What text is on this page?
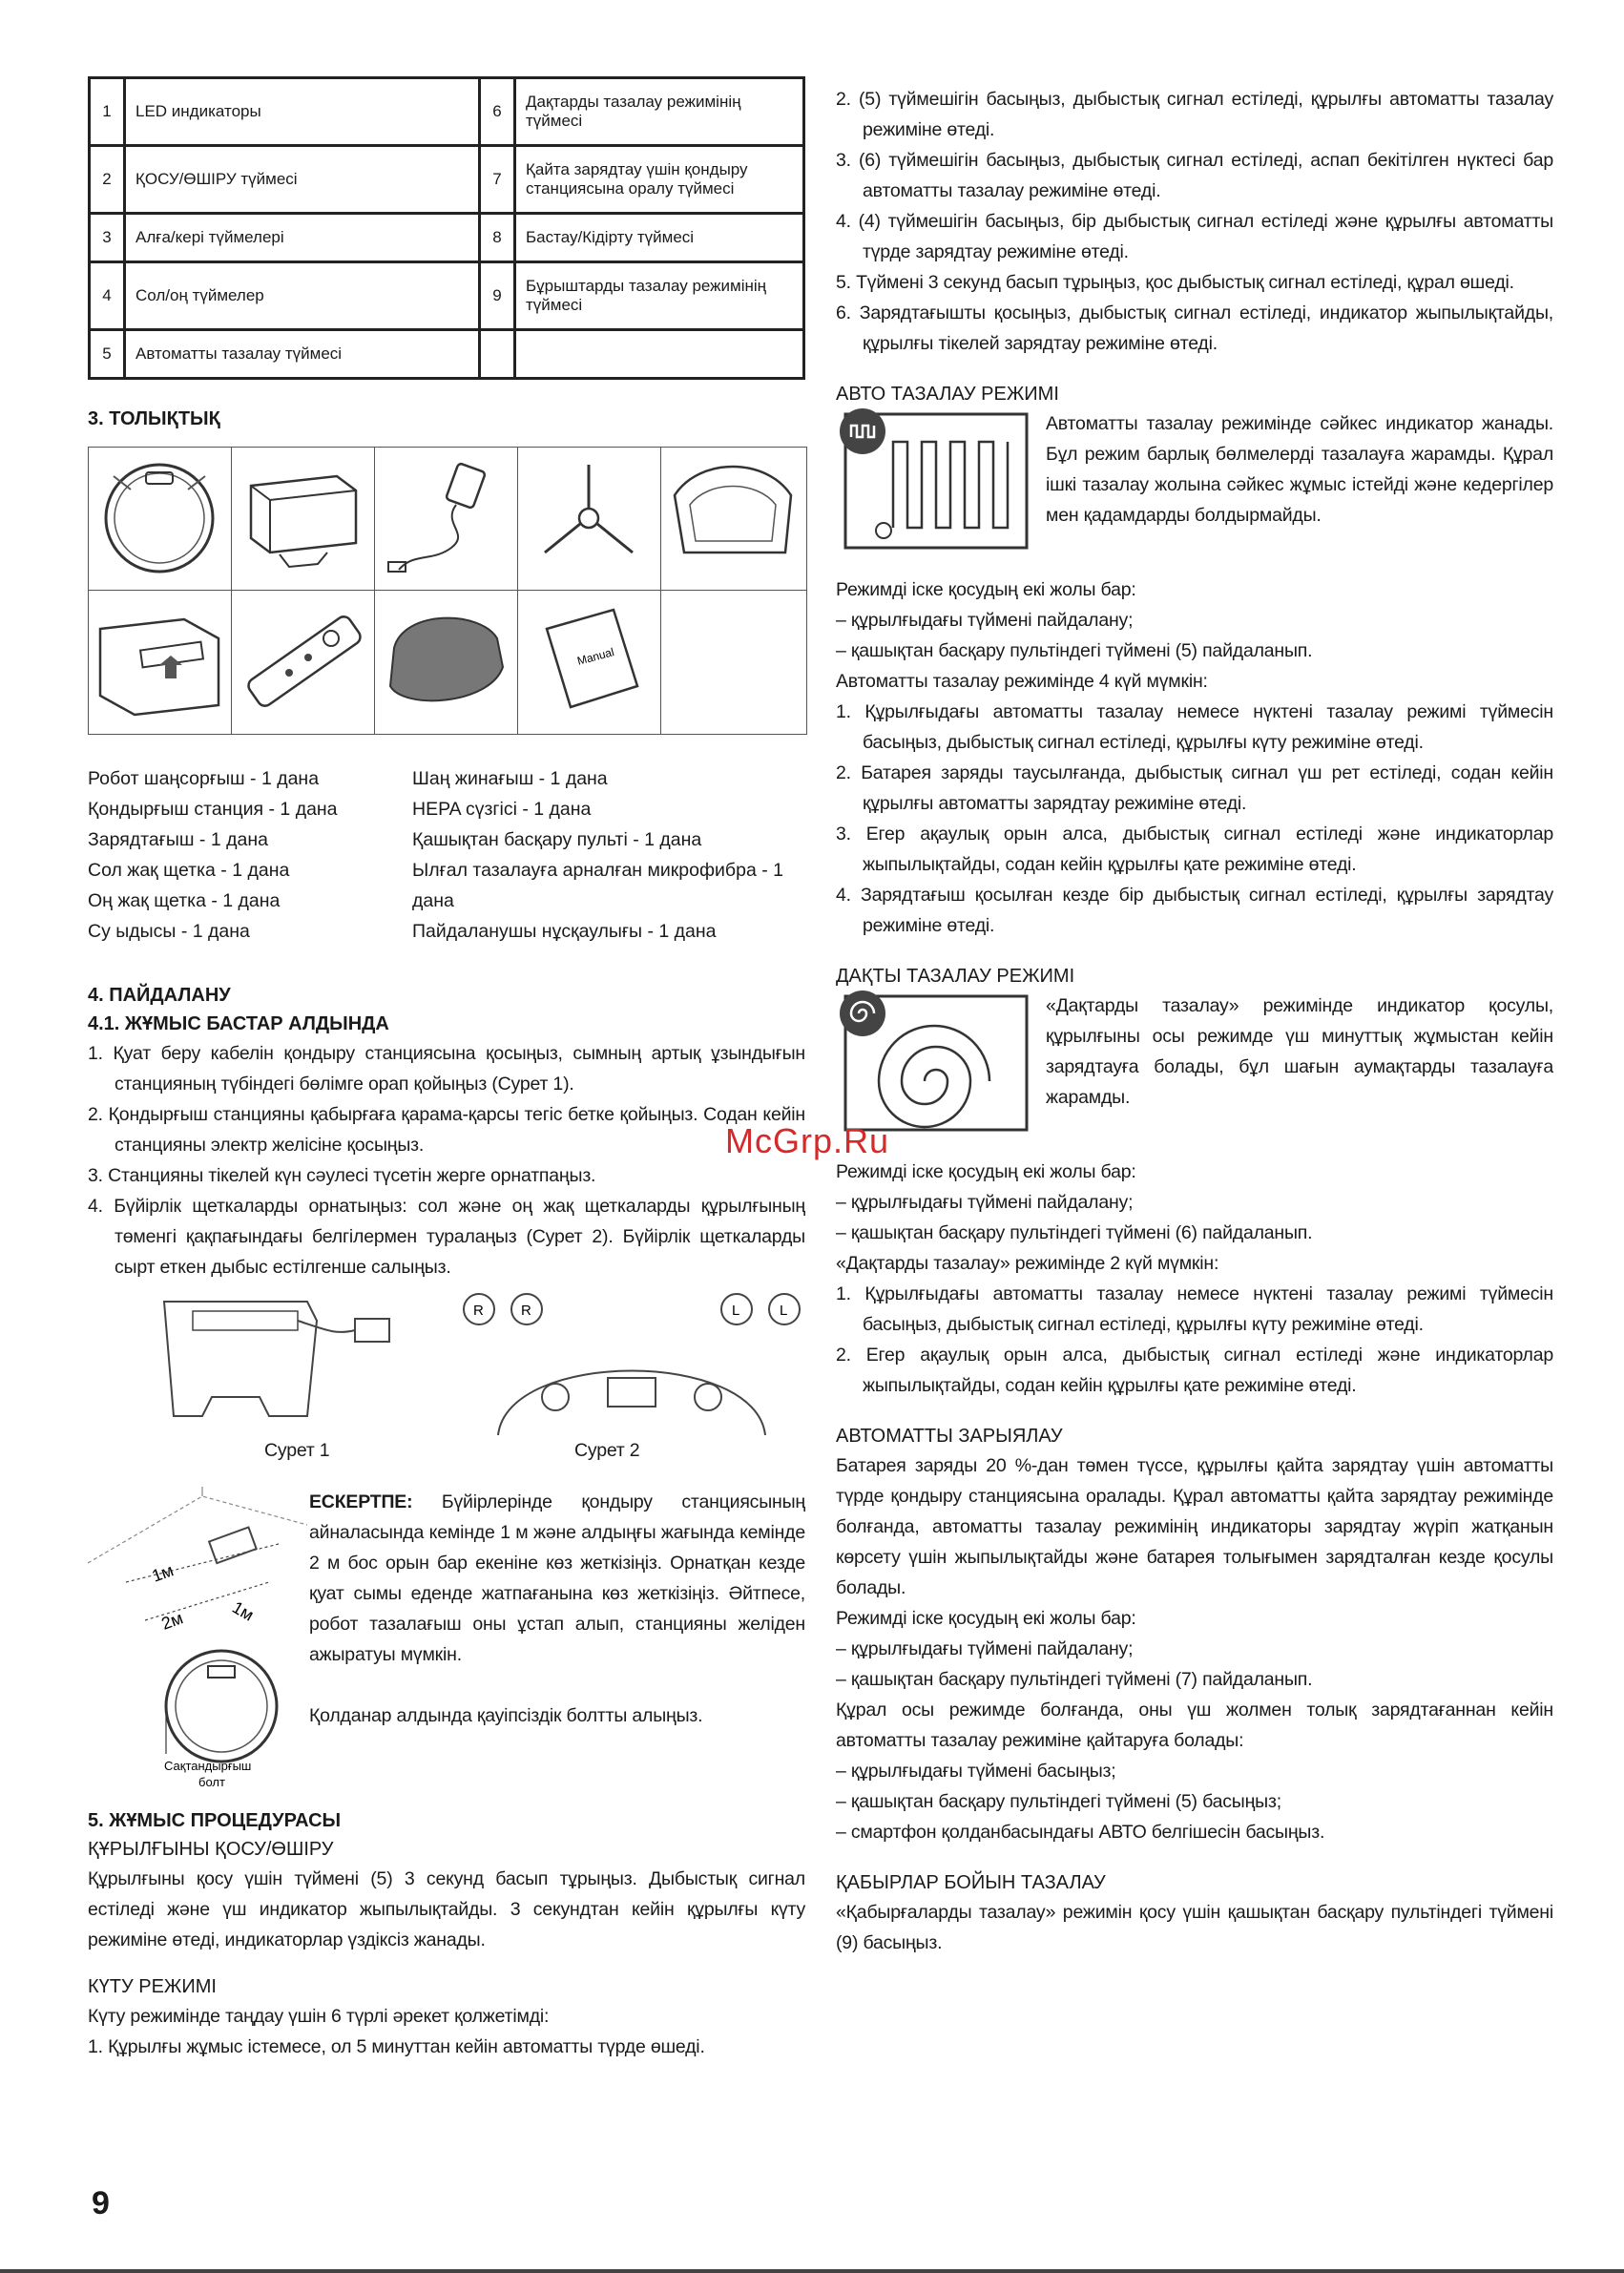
1	LED индикаторы	6	Дақтарды тазалау режимінің түймесі
2	ҚОСУ/ӨШІРУ түймесі	7	Қайта зарядтау үшін қондыру станциясына оралу түймесі
3	Алға/кері түймелері	8	Бастау/Кідірту түймесі
4	Сол/оң түймелер	9	Бұрыштарды тазалау режимінің түймесі
5	Автоматты тазалау түймесі		
3. ТОЛЫҚТЫҚ
Manual
Робот шаңсорғыш - 1 дана
Қондырғыш станция - 1 дана
Зарядтағыш - 1 дана
Сол жақ щетка - 1 дана
Оң жақ щетка - 1 дана
Су ыдысы - 1 дана
Шаң жинағыш - 1 дана
HEPA сүзгісі - 1 дана
Қашықтан басқару пульті - 1 дана
Ылғал тазалауға арналған микрофибра - 1 дана
Пайдаланушы нұсқаулығы - 1 дана
4. ПАЙДАЛАНУ
4.1. ЖҰМЫС БАСТАР АЛДЫНДА

1. Қуат беру кабелін қондыру станциясына қосыңыз, сымның артық ұзындығын станцияның түбіндегі бөлімге орап қойыңыз (Сурет 1).

2. Қондырғыш станцияны қабырғаға қарама-қарсы тегіс бетке қойыңыз. Содан кейін станцияны электр желісіне қосыңыз.

3. Станцияны тікелей күн сәулесі түсетін жерге орнатпаңыз.

4. Бүйірлік щеткаларды орнатыңыз: сол және оң жақ щеткаларды құрылғының төменгі қақпағындағы белгілермен туралаңыз (Сурет 2). Бүйірлік щеткаларды сырт еткен дыбыс естілгенше салыңыз.

R	R	L	L
Сурет 1	Сурет 2
1м
1м
2м
Сақтандырғыш
болт

ЕСКЕРТПЕ: Бүйірлерінде қондыру станциясының айналасында кемінде 1 м және алдыңғы жағында кемінде 2 м бос орын бар екеніне көз жеткізіңіз. Орнатқан кезде қуат сымы еденде жатпағанына көз жеткізіңіз. Әйтпесе, робот тазалағыш оны ұстап алып, станцияны желіден ажыратуы мүмкін.

Қолданар алдында қауіпсіздік болтты алыңыз.

5. ЖҰМЫС ПРОЦЕДУРАСЫ

ҚҰРЫЛҒЫНЫ ҚОСУ/ӨШІРУ

Құрылғыны қосу үшін түймені (5) 3 секунд басып тұрыңыз. Дыбыстық сигнал естіледі және үш индикатор жыпылықтайды. 3 секундтан кейін құрылғы күту режиміне өтеді, индикаторлар үздіксіз жанады.

КҮТУ РЕЖИМІ

Күту режимінде таңдау үшін 6 түрлі әрекет қолжетімді:

1. Құрылғы жұмыс істемесе, ол 5 минуттан кейін автоматты түрде өшеді.

2. (5) түймешігін басыңыз, дыбыстық сигнал естіледі, құрылғы автоматты тазалау режиміне өтеді.

3. (6) түймешігін басыңыз, дыбыстық сигнал естіледі, аспап бекітілген нүктесі бар автоматты тазалау режиміне өтеді.

4. (4) түймешігін басыңыз, бір дыбыстық сигнал естіледі және құрылғы автоматты түрде зарядтау режиміне өтеді.

5. Түймені 3 секунд басып тұрыңыз, қос дыбыстық сигнал естіледі, құрал өшеді.

6. Зарядтағышты қосыңыз, дыбыстық сигнал естіледі, индикатор жыпылықтайды, құрылғы тікелей зарядтау режиміне өтеді.

АВТО ТАЗАЛАУ РЕЖИМІ

Автоматты тазалау режимінде сәйкес индикатор жанады. Бұл режим барлық бөлмелерді тазалауға жарамды. Құрал ішкі тазалау жолына сәйкес жұмыс істейді және кедергілер мен қадамдарды болдырмайды.

Режимді іске қосудың екі жолы бар:

– құрылғыдағы түймені пайдалану;

– қашықтан басқару пультіндегі түймені (5) пайдаланып.

Автоматты тазалау режимінде 4 күй мүмкін:

1. Құрылғыдағы автоматты тазалау немесе нүктені тазалау режимі түймесін басыңыз, дыбыстық сигнал естіледі, құрылғы күту режиміне өтеді.

2. Батарея заряды таусылғанда, дыбыстық сигнал үш рет естіледі, содан кейін құрылғы автоматты зарядтау режиміне өтеді.

3. Егер ақаулық орын алса, дыбыстық сигнал естіледі және индикаторлар жыпылықтайды, содан кейін құрылғы қате режиміне өтеді.

4. Зарядтағыш қосылған кезде бір дыбыстық сигнал естіледі, құрылғы зарядтау режиміне өтеді.

ДАҚТЫ ТАЗАЛАУ РЕЖИМІ

«Дақтарды тазалау» режимінде индикатор қосулы, құрылғыны осы режимде үш минуттық жұмыстан кейін зарядтауға болады, бұл шағын аумақтарды тазалауға жарамды.

Режимді іске қосудың екі жолы бар:

– құрылғыдағы түймені пайдалану;

– қашықтан басқару пультіндегі түймені (6) пайдаланып.

«Дақтарды тазалау» режимінде 2 күй мүмкін:

1. Құрылғыдағы автоматты тазалау немесе нүктені тазалау режимі түймесін басыңыз, дыбыстық сигнал естіледі, құрылғы күту режиміне өтеді.

2. Егер ақаулық орын алса, дыбыстық сигнал естіледі және индикаторлар жыпылықтайды, содан кейін құрылғы қате режиміне өтеді.

АВТОМАТТЫ ЗАРЫЯЛАУ

Батарея заряды 20 %-дан төмен түссе, құрылғы қайта зарядтау үшін автоматты түрде қондыру станциясына оралады. Құрал автоматты қайта зарядтау режимінде болғанда, автоматты тазалау режимінің индикаторы зарядтау жүріп жатқанын көрсету үшін жыпылықтайды және батарея толығымен зарядталған кезде қосулы болады.

Режимді іске қосудың екі жолы бар:

– құрылғыдағы түймені пайдалану;

– қашықтан басқару пультіндегі түймені (7) пайдаланып.

Құрал осы режимде болғанда, оны үш жолмен толық зарядтағаннан кейін автоматты тазалау режиміне қайтаруға болады:

– құрылғыдағы түймені басыңыз;

– қашықтан басқару пультіндегі түймені (5) басыңыз;

– смартфон қолданбасындағы АВТО белгішесін басыңыз.

ҚАБЫРЛАР БОЙЫН ТАЗАЛАУ

«Қабырғаларды тазалау» режимін қосу үшін қашықтан басқару пультіндегі түймені (9) басыңыз.

McGrp.Ru
9
